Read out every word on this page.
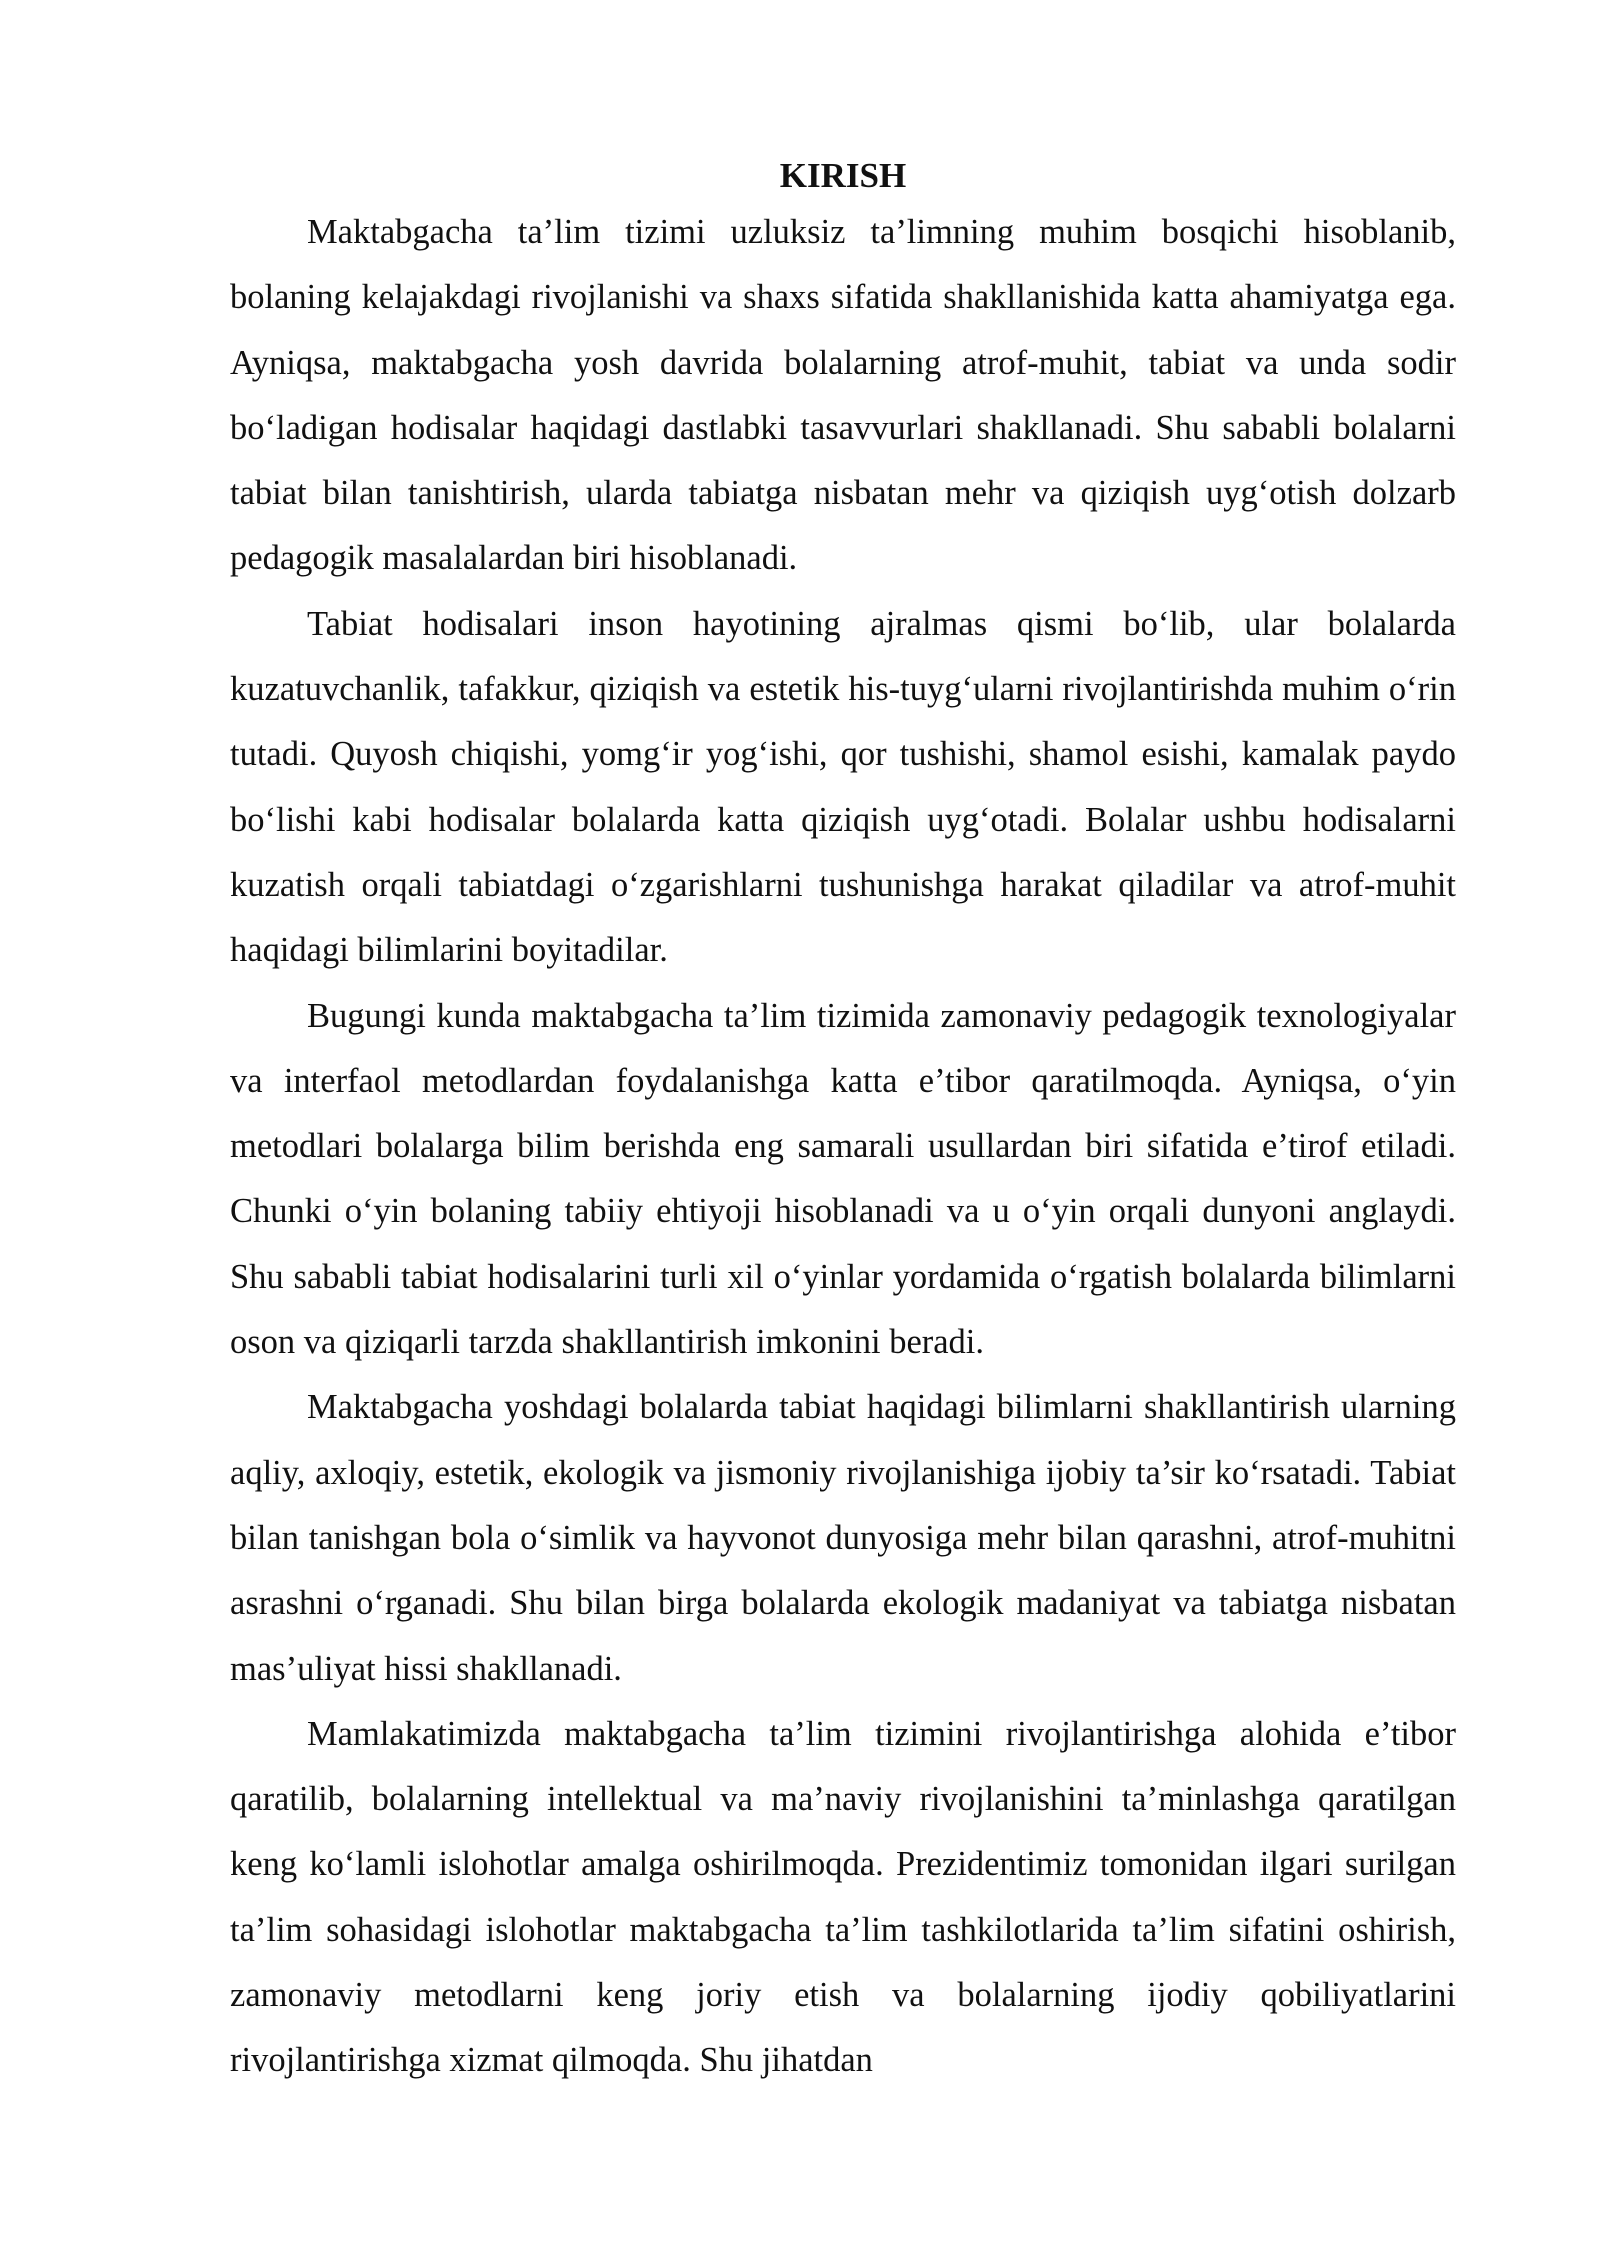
KIRISH

Maktabgacha ta’lim tizimi uzluksiz ta’limning muhim bosqichi hisoblanib, bolaning kelajakdagi rivojlanishi va shaxs sifatida shakllanishida katta ahamiyatga ega. Ayniqsa, maktabgacha yosh davrida bolalarning atrof-muhit, tabiat va unda sodir bo‘ladigan hodisalar haqidagi dastlabki tasavvurlari shakllanadi. Shu sababli bolalarni tabiat bilan tanishtirish, ularda tabiatga nisbatan mehr va qiziqish uyg‘otish dolzarb pedagogik masalalardan biri hisoblanadi.

Tabiat hodisalari inson hayotining ajralmas qismi bo‘lib, ular bolalarda kuzatuvchanlik, tafakkur, qiziqish va estetik his-tuyg‘ularni rivojlantirishda muhim o‘rin tutadi. Quyosh chiqishi, yomg‘ir yog‘ishi, qor tushishi, shamol esishi, kamalak paydo bo‘lishi kabi hodisalar bolalarda katta qiziqish uyg‘otadi. Bolalar ushbu hodisalarni kuzatish orqali tabiatdagi o‘zgarishlarni tushunishga harakat qiladilar va atrof-muhit haqidagi bilimlarini boyitadilar.

Bugungi kunda maktabgacha ta’lim tizimida zamonaviy pedagogik texnologiyalar va interfaol metodlardan foydalanishga katta e’tibor qaratilmoqda. Ayniqsa, o‘yin metodlari bolalarga bilim berishda eng samarali usullardan biri sifatida e’tirof etiladi. Chunki o‘yin bolaning tabiiy ehtiyoji hisoblanadi va u o‘yin orqali dunyoni anglaydi. Shu sababli tabiat hodisalarini turli xil o‘yinlar yordamida o‘rgatish bolalarda bilimlarni oson va qiziqarli tarzda shakllantirish imkonini beradi.

Maktabgacha yoshdagi bolalarda tabiat haqidagi bilimlarni shakllantirish ularning aqliy, axloqiy, estetik, ekologik va jismoniy rivojlanishiga ijobiy ta’sir ko‘rsatadi. Tabiat bilan tanishgan bola o‘simlik va hayvonot dunyosiga mehr bilan qarashni, atrof-muhitni asrashni o‘rganadi. Shu bilan birga bolalarda ekologik madaniyat va tabiatga nisbatan mas’uliyat hissi shakllanadi.

Mamlakatimizda maktabgacha ta’lim tizimini rivojlantirishga alohida e’tibor qaratilib, bolalarning intellektual va ma’naviy rivojlanishini ta’minlashga qaratilgan keng ko‘lamli islohotlar amalga oshirilmoqda. Prezidentimiz tomonidan ilgari surilgan ta’lim sohasidagi islohotlar maktabgacha ta’lim tashkilotlarida ta’lim sifatini oshirish, zamonaviy metodlarni keng joriy etish va bolalarning ijodiy qobiliyatlarini rivojlantirishga xizmat qilmoqda. Shu jihatdan
